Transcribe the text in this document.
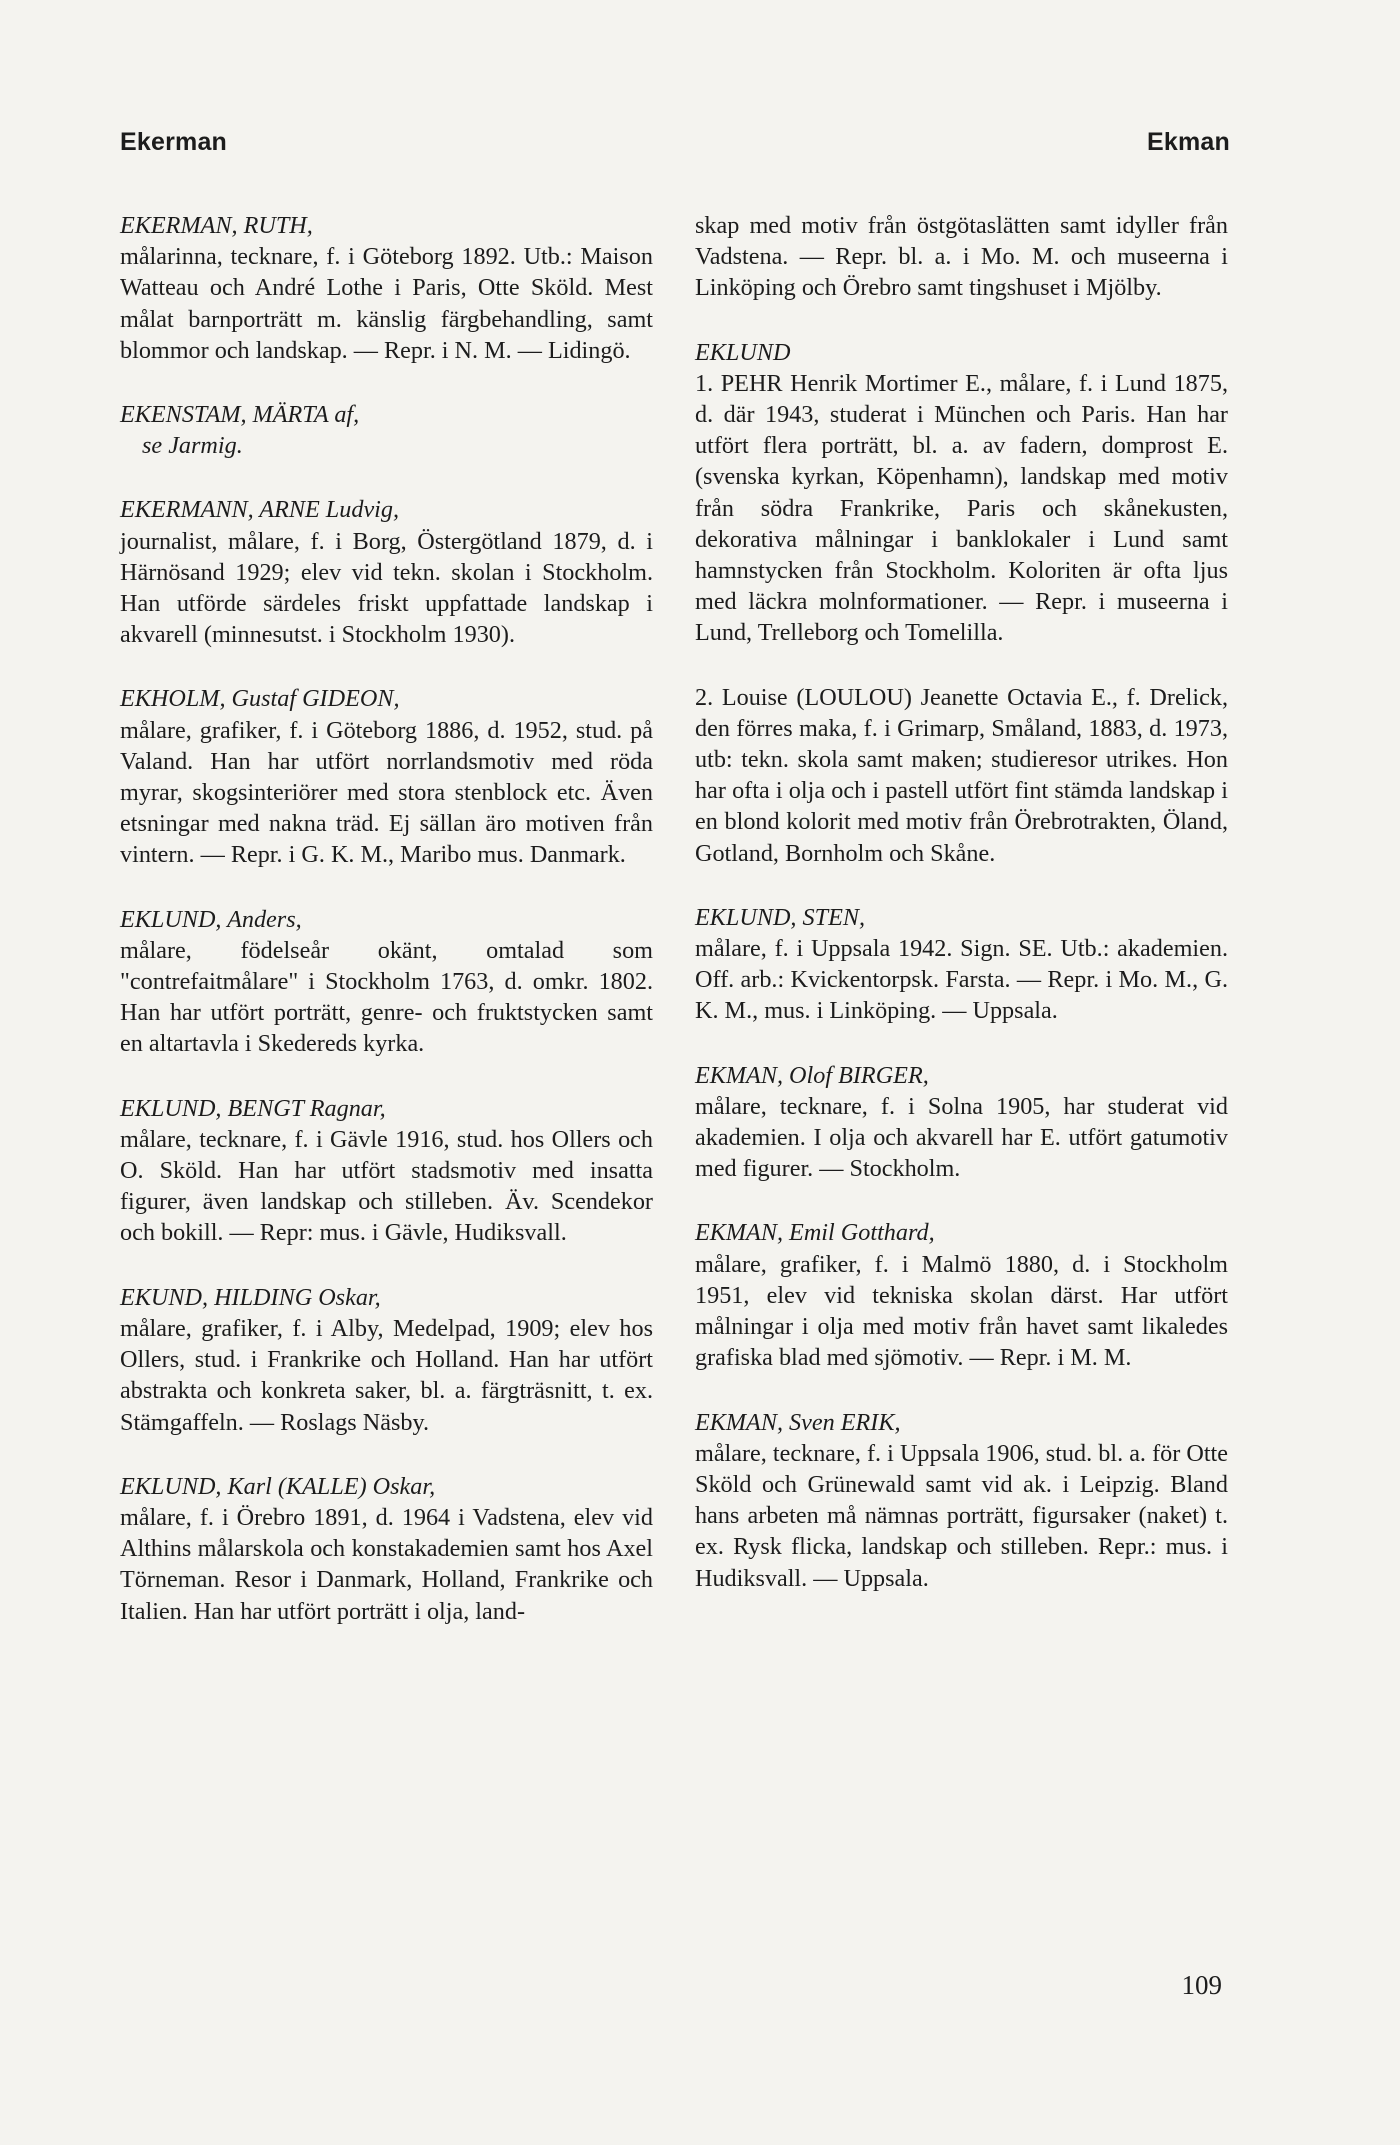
Ekerman	Ekman
EKERMAN, RUTH,
målarinna, tecknare, f. i Göteborg 1892. Utb.: Maison Watteau och André Lothe i Paris, Otte Sköld. Mest målat barnporträtt m. känslig färgbehandling, samt blommor och landskap. — Repr. i N. M. — Lidingö.
EKENSTAM, MÄRTA af,
se Jarmig.
EKERMANN, ARNE Ludvig,
journalist, målare, f. i Borg, Östergötland 1879, d. i Härnösand 1929; elev vid tekn. skolan i Stockholm. Han utförde särdeles friskt uppfattade landskap i akvarell (minnesutst. i Stockholm 1930).
EKHOLM, Gustaf GIDEON,
målare, grafiker, f. i Göteborg 1886, d. 1952, stud. på Valand. Han har utfört norrlandsmotiv med röda myrar, skogsinteriörer med stora stenblock etc. Även etsningar med nakna träd. Ej sällan äro motiven från vintern. — Repr. i G. K. M., Maribo mus. Danmark.
EKLUND, Anders,
målare, födelseår okänt, omtalad som "contrefaitmålare" i Stockholm 1763, d. omkr. 1802. Han har utfört porträtt, genre- och fruktstycken samt en altartavla i Skedereds kyrka.
EKLUND, BENGT Ragnar,
målare, tecknare, f. i Gävle 1916, stud. hos Ollers och O. Sköld. Han har utfört stadsmotiv med insatta figurer, även landskap och stilleben. Äv. Scendekor och bokill. — Repr: mus. i Gävle, Hudiksvall.
EKUND, HILDING Oskar,
målare, grafiker, f. i Alby, Medelpad, 1909; elev hos Ollers, stud. i Frankrike och Holland. Han har utfört abstrakta och konkreta saker, bl. a. färgträsnitt, t. ex. Stämgaffeln. — Roslags Näsby.
EKLUND, Karl (KALLE) Oskar,
målare, f. i Örebro 1891, d. 1964 i Vadstena, elev vid Althins målarskola och konstakademien samt hos Axel Törneman. Resor i Danmark, Holland, Frankrike och Italien. Han har utfört porträtt i olja, land-
skap med motiv från östgötaslätten samt idyller från Vadstena. — Repr. bl. a. i Mo. M. och museerna i Linköping och Örebro samt tingshuset i Mjölby.
EKLUND
1. PEHR Henrik Mortimer E., målare, f. i Lund 1875, d. där 1943, studerat i München och Paris. Han har utfört flera porträtt, bl. a. av fadern, domprost E. (svenska kyrkan, Köpenhamn), landskap med motiv från södra Frankrike, Paris och skånekusten, dekorativa målningar i banklokaler i Lund samt hamnstycken från Stockholm. Koloriten är ofta ljus med läckra molnformationer. — Repr. i museerna i Lund, Trelleborg och Tomelilla.
2. Louise (LOULOU) Jeanette Octavia E., f. Drelick, den förres maka, f. i Grimarp, Småland, 1883, d. 1973, utb: tekn. skola samt maken; studieresor utrikes. Hon har ofta i olja och i pastell utfört fint stämda landskap i en blond kolorit med motiv från Örebrotrakten, Öland, Gotland, Bornholm och Skåne.
EKLUND, STEN,
målare, f. i Uppsala 1942. Sign. SE. Utb.: akademien. Off. arb.: Kvickentorpsk. Farsta. — Repr. i Mo. M., G. K. M., mus. i Linköping. — Uppsala.
EKMAN, Olof BIRGER,
målare, tecknare, f. i Solna 1905, har studerat vid akademien. I olja och akvarell har E. utfört gatumotiv med figurer. — Stockholm.
EKMAN, Emil Gotthard,
målare, grafiker, f. i Malmö 1880, d. i Stockholm 1951, elev vid tekniska skolan därst. Har utfört målningar i olja med motiv från havet samt likaledes grafiska blad med sjömotiv. — Repr. i M. M.
EKMAN, Sven ERIK,
målare, tecknare, f. i Uppsala 1906, stud. bl. a. för Otte Sköld och Grünewald samt vid ak. i Leipzig. Bland hans arbeten må nämnas porträtt, figursaker (naket) t. ex. Rysk flicka, landskap och stilleben. Repr.: mus. i Hudiksvall. — Uppsala.
109
